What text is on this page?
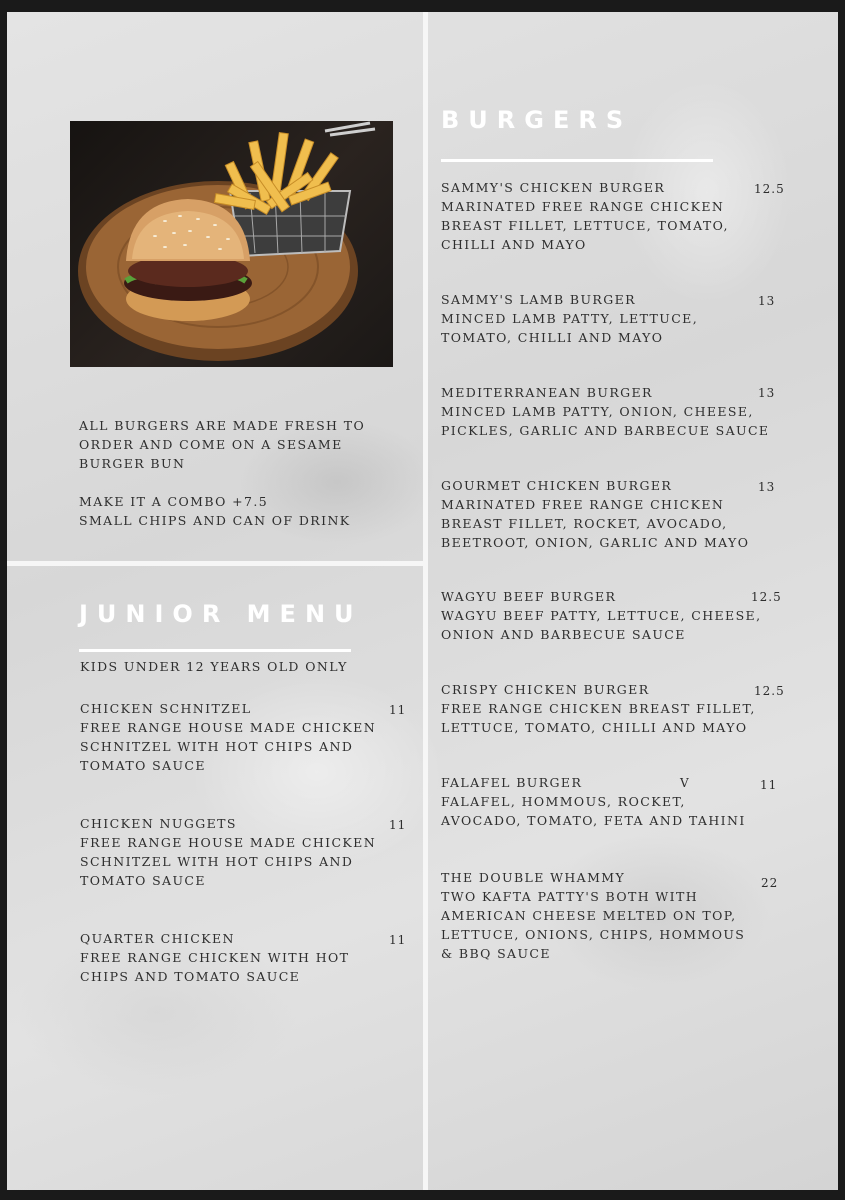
ALL BURGERS ARE MADE FRESH TO
ORDER AND COME ON A SESAME
BURGER BUN
MAKE IT A COMBO +7.5
SMALL CHIPS AND CAN OF DRINK
JUNIOR MENU
KIDS UNDER 12 YEARS OLD ONLY
CHICKEN SCHNITZEL
FREE RANGE HOUSE MADE CHICKEN
SCHNITZEL WITH HOT CHIPS AND
TOMATO SAUCE
11
CHICKEN NUGGETS
FREE RANGE HOUSE MADE CHICKEN
SCHNITZEL WITH HOT CHIPS AND
TOMATO SAUCE
11
QUARTER CHICKEN
FREE RANGE CHICKEN WITH HOT
CHIPS AND TOMATO SAUCE
11
BURGERS
SAMMY'S CHICKEN BURGER
MARINATED FREE RANGE CHICKEN
BREAST FILLET, LETTUCE, TOMATO,
CHILLI AND MAYO
12.5
SAMMY'S LAMB BURGER
MINCED LAMB PATTY, LETTUCE,
TOMATO, CHILLI AND MAYO
13
MEDITERRANEAN BURGER
MINCED LAMB PATTY, ONION, CHEESE,
PICKLES, GARLIC AND BARBECUE SAUCE
13
GOURMET CHICKEN BURGER
MARINATED FREE RANGE CHICKEN
BREAST FILLET, ROCKET, AVOCADO,
BEETROOT, ONION, GARLIC AND MAYO
13
WAGYU BEEF BURGER
WAGYU BEEF PATTY, LETTUCE, CHEESE,
ONION AND BARBECUE SAUCE
12.5
CRISPY CHICKEN BURGER
FREE RANGE CHICKEN BREAST FILLET,
LETTUCE, TOMATO, CHILLI AND MAYO
12.5
FALAFEL BURGER
FALAFEL, HOMMOUS, ROCKET,
AVOCADO, TOMATO, FETA AND TAHINI
V	11
THE DOUBLE WHAMMY
TWO KAFTA PATTY'S BOTH WITH
AMERICAN CHEESE MELTED ON TOP,
LETTUCE, ONIONS, CHIPS, HOMMOUS
& BBQ SAUCE
22
